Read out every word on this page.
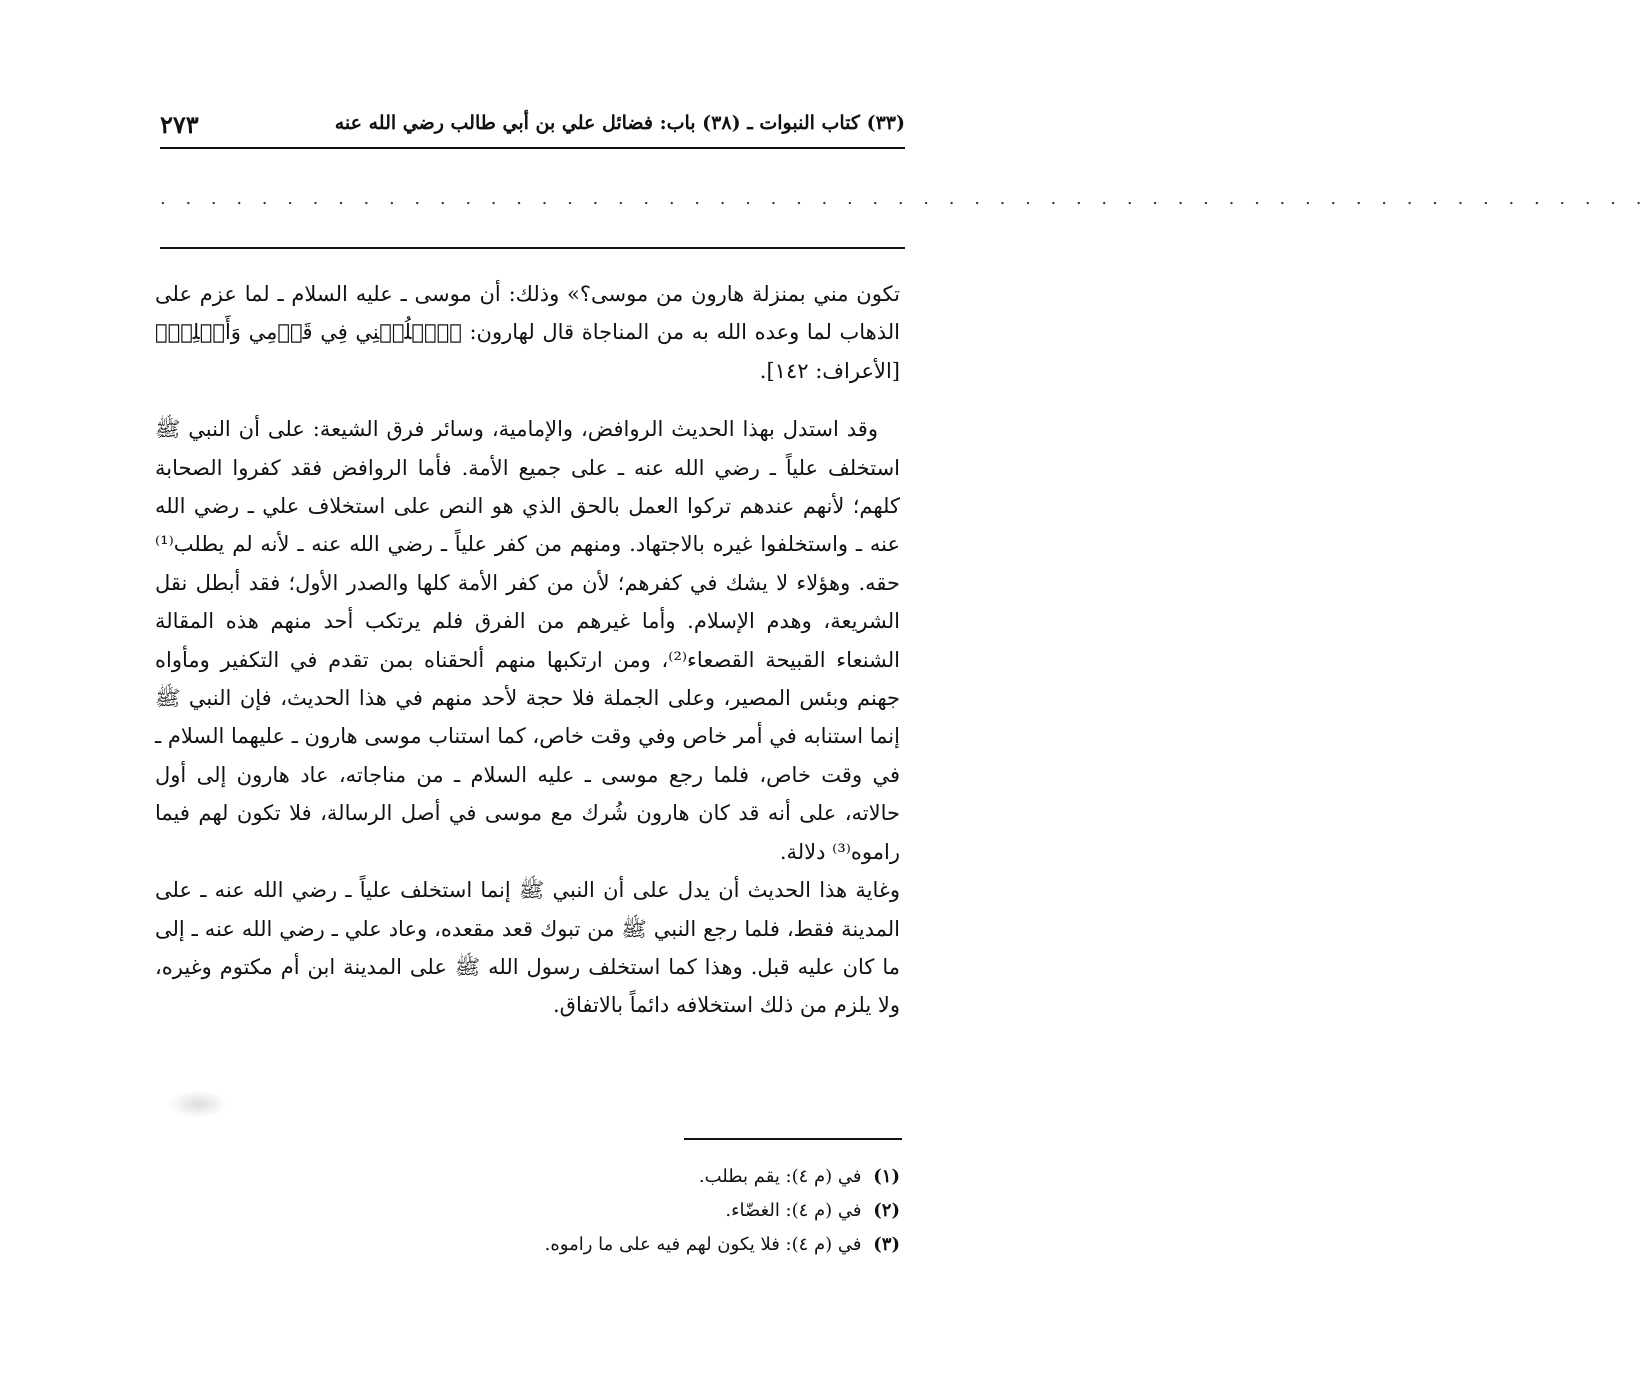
(٣٣) كتاب النبوات ـ (٣٨) باب: فضائل علي بن أبي طالب رضي الله عنه
٢٧٣
. . . . . . . . . . . . . . . . . . . . . . . . . . . . . . . . . . . . . . . . . . . . . . . . . . . . . . . . . . .

تكون مني بمنزلة هارون من موسى؟» وذلك: أن موسى ـ عليه السلام ـ لما عزم على الذهاب لما وعده الله به من المناجاة قال لهارون: ﴿ٱخۡلُفۡنِي فِي قَوۡمِي وَأَصۡلِحۡ﴾ [الأعراف: ١٤٢].

وقد استدل بهذا الحديث الروافض، والإمامية، وسائر فرق الشيعة: على أن النبي ﷺ استخلف علياً ـ رضي الله عنه ـ على جميع الأمة. فأما الروافض فقد كفروا الصحابة كلهم؛ لأنهم عندهم تركوا العمل بالحق الذي هو النص على استخلاف علي ـ رضي الله عنه ـ واستخلفوا غيره بالاجتهاد. ومنهم من كفر علياً ـ رضي الله عنه ـ لأنه لم يطلب⁽¹⁾ حقه. وهؤلاء لا يشك في كفرهم؛ لأن من كفر الأمة كلها والصدر الأول؛ فقد أبطل نقل الشريعة، وهدم الإسلام. وأما غيرهم من الفرق فلم يرتكب أحد منهم هذه المقالة الشنعاء القبيحة القصعاء⁽²⁾، ومن ارتكبها منهم ألحقناه بمن تقدم في التكفير ومأواه جهنم وبئس المصير، وعلى الجملة فلا حجة لأحد منهم في هذا الحديث، فإن النبي ﷺ إنما استنابه في أمر خاص وفي وقت خاص، كما استناب موسى هارون ـ عليهما السلام ـ في وقت خاص، فلما رجع موسى ـ عليه السلام ـ من مناجاته، عاد هارون إلى أول حالاته، على أنه قد كان هارون شُرك مع موسى في أصل الرسالة، فلا تكون لهم فيما راموه⁽³⁾ دلالة.

وغاية هذا الحديث أن يدل على أن النبي ﷺ إنما استخلف علياً ـ رضي الله عنه ـ على المدينة فقط، فلما رجع النبي ﷺ من تبوك قعد مقعده، وعاد علي ـ رضي الله عنه ـ إلى ما كان عليه قبل. وهذا كما استخلف رسول الله ﷺ على المدينة ابن أم مكتوم وغيره، ولا يلزم من ذلك استخلافه دائماً بالاتفاق.

(١) في (م ٤): يقم بطلب.
(٢) في (م ٤): الغضّاء.
(٣) في (م ٤): فلا يكون لهم فيه على ما راموه.
